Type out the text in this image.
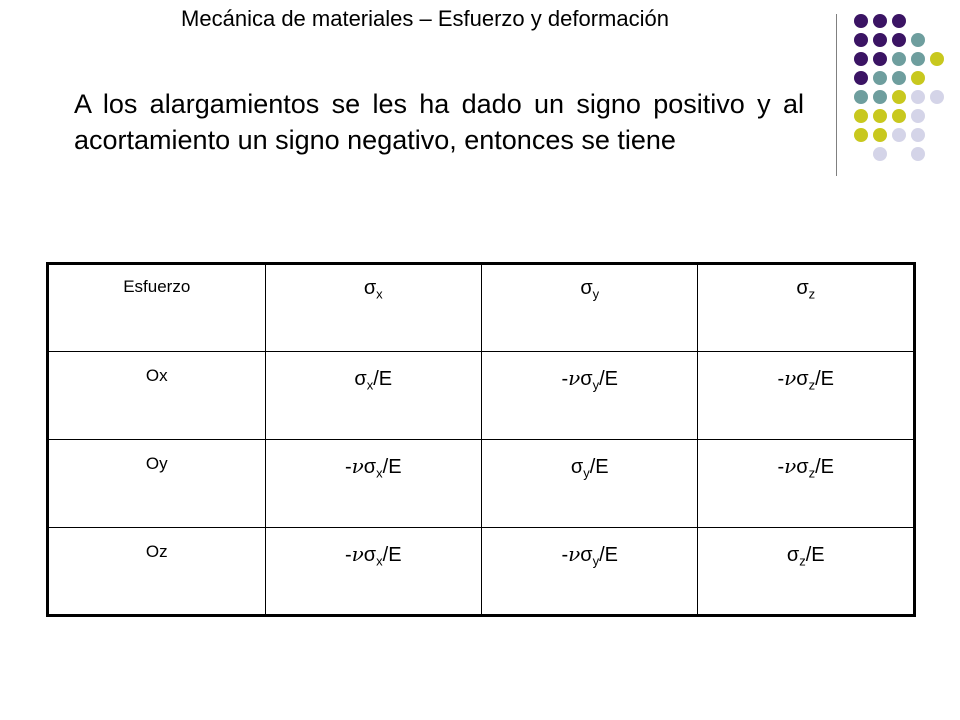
Mecánica de materiales – Esfuerzo y deformación
A los alargamientos se les ha dado un signo positivo y al acortamiento un signo negativo, entonces se tiene
Esfuerzo	$\sigma_x$	$\sigma_y$	$\sigma_z$
Ox	$\sigma_x/E$	$-\nu\sigma_y/E$	$-\nu\sigma_z/E$
Oy	$-\nu\sigma_x/E$	$\sigma_y/E$	$-\nu\sigma_z/E$
Oz	$-\nu\sigma_x/E$	$-\nu\sigma_y/E$	$\sigma_z/E$
